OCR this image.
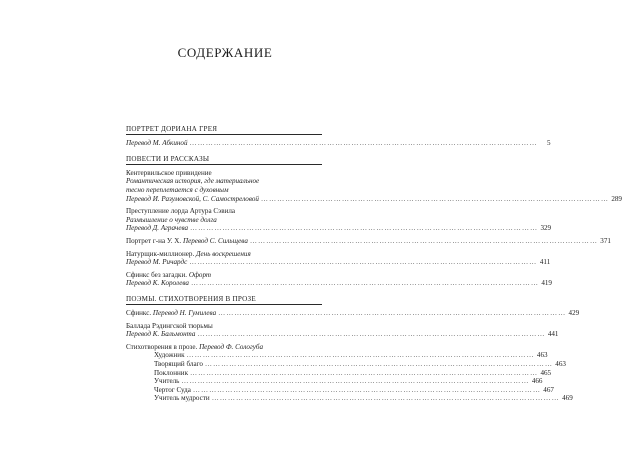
СОДЕРЖАНИЕ
ПОРТРЕТ ДОРИАНА ГРЕЯ
Перевод М. Абкиной …………………………………………………………………………………………………………………	5
ПОВЕСТИ И РАССКАЗЫ
Кентервильское привидение
Романтическая история, где материальное
тесно переплетается с духовным
Перевод И. Разумовской, С. Самостреловой ………………………………………………………………………………………………………………… 289
Преступление лорда Артура Сэвила
Размышление о чувстве долга
Перевод Д. Аграчева ………………………………………………………………………………………………………………… 329
Портрет г-на У. Х. Перевод С. Сильщева ………………………………………………………………………………………………………………… 371
Натурщик-миллионер. День воскрешения
Перевод М. Ричардс ………………………………………………………………………………………………………………… 411
Сфинкс без загадки. Офорт
Перевод К. Королева ………………………………………………………………………………………………………………… 419
ПОЭМЫ. СТИХОТВОРЕНИЯ В ПРОЗЕ
Сфинкс. Перевод Н. Гумилева ………………………………………………………………………………………………………………… 429
Баллада Рэдингской тюрьмы
Перевод К. Бальмонта ………………………………………………………………………………………………………………… 441
Стихотворения в прозе. Перевод Ф. Сологуба
Художник ………………………………………………………………………………………………………………… 463
Творящий благо ………………………………………………………………………………………………………………… 463
Поклонник ………………………………………………………………………………………………………………… 465
Учитель ………………………………………………………………………………………………………………… 466
Чертог Суда ………………………………………………………………………………………………………………… 467
Учитель мудрости ………………………………………………………………………………………………………………… 469
